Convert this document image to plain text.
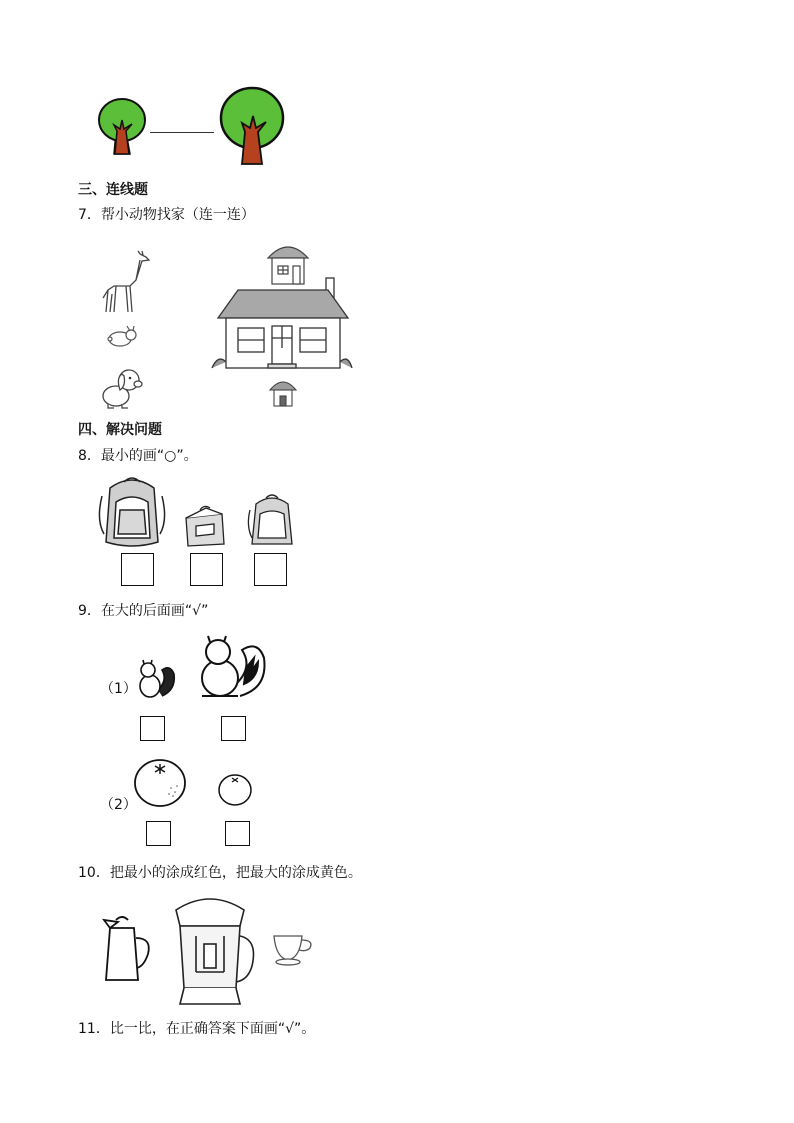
三、连线题
7．帮小动物找家（连一连）
四、解决问题
8．最小的画“○”。
9．在大的后面画“√”
（1）
（2）
10．把最小的涂成红色，把最大的涂成黄色。
11．比一比，在正确答案下面画“√”。
